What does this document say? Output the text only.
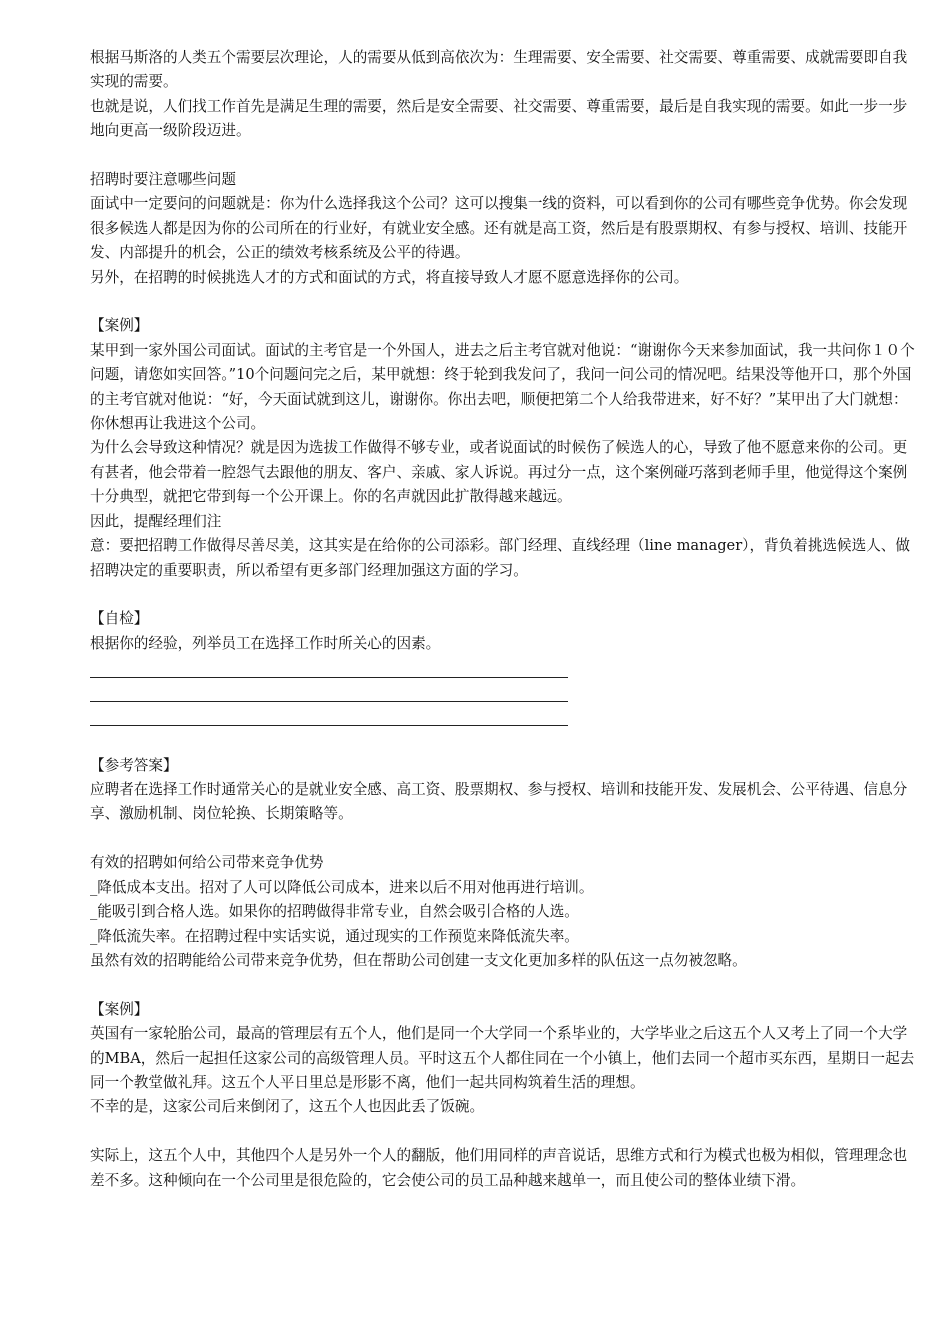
根据马斯洛的人类五个需要层次理论，人的需要从低到高依次为：生理需要、安全需要、社交需要、尊重需要、成就需要即自我实现的需要。

也就是说，人们找工作首先是满足生理的需要，然后是安全需要、社交需要、尊重需要，最后是自我实现的需要。如此一步一步地向更高一级阶段迈进。

招聘时要注意哪些问题

面试中一定要问的问题就是：你为什么选择我这个公司？这可以搜集一线的资料，可以看到你的公司有哪些竞争优势。你会发现很多候选人都是因为你的公司所在的行业好，有就业安全感。还有就是高工资，然后是有股票期权、有参与授权、培训、技能开发、内部提升的机会，公正的绩效考核系统及公平的待遇。

另外，在招聘的时候挑选人才的方式和面试的方式，将直接导致人才愿不愿意选择你的公司。

【案例】

某甲到一家外国公司面试。面试的主考官是一个外国人，进去之后主考官就对他说：“谢谢你今天来参加面试，我一共问你１０个问题，请您如实回答。”10个问题问完之后，某甲就想：终于轮到我发问了，我问一问公司的情况吧。结果没等他开口，那个外国的主考官就对他说：“好，今天面试就到这儿，谢谢你。你出去吧，顺便把第二个人给我带进来，好不好？”某甲出了大门就想：你休想再让我进这个公司。

为什么会导致这种情况？就是因为选拔工作做得不够专业，或者说面试的时候伤了候选人的心，导致了他不愿意来你的公司。更有甚者，他会带着一腔怨气去跟他的朋友、客户、亲戚、家人诉说。再过分一点，这个案例碰巧落到老师手里，他觉得这个案例十分典型，就把它带到每一个公开课上。你的名声就因此扩散得越来越远。

因此，提醒经理们注

意：要把招聘工作做得尽善尽美，这其实是在给你的公司添彩。部门经理、直线经理（line manager），背负着挑选候选人、做招聘决定的重要职责，所以希望有更多部门经理加强这方面的学习。

【自检】

根据你的经验，列举员工在选择工作时所关心的因素。

【参考答案】

应聘者在选择工作时通常关心的是就业安全感、高工资、股票期权、参与授权、培训和技能开发、发展机会、公平待遇、信息分享、激励机制、岗位轮换、长期策略等。

有效的招聘如何给公司带来竞争优势

_降低成本支出。招对了人可以降低公司成本，进来以后不用对他再进行培训。

_能吸引到合格人选。如果你的招聘做得非常专业，自然会吸引合格的人选。

_降低流失率。在招聘过程中实话实说，通过现实的工作预览来降低流失率。

虽然有效的招聘能给公司带来竞争优势，但在帮助公司创建一支文化更加多样的队伍这一点勿被忽略。

【案例】

英国有一家轮胎公司，最高的管理层有五个人，他们是同一个大学同一个系毕业的，大学毕业之后这五个人又考上了同一个大学的MBA，然后一起担任这家公司的高级管理人员。平时这五个人都住同在一个小镇上，他们去同一个超市买东西，星期日一起去同一个教堂做礼拜。这五个人平日里总是形影不离，他们一起共同构筑着生活的理想。

不幸的是，这家公司后来倒闭了，这五个人也因此丢了饭碗。

实际上，这五个人中，其他四个人是另外一个人的翻版，他们用同样的声音说话，思维方式和行为模式也极为相似，管理理念也差不多。这种倾向在一个公司里是很危险的，它会使公司的员工品种越来越单一，而且使公司的整体业绩下滑。
